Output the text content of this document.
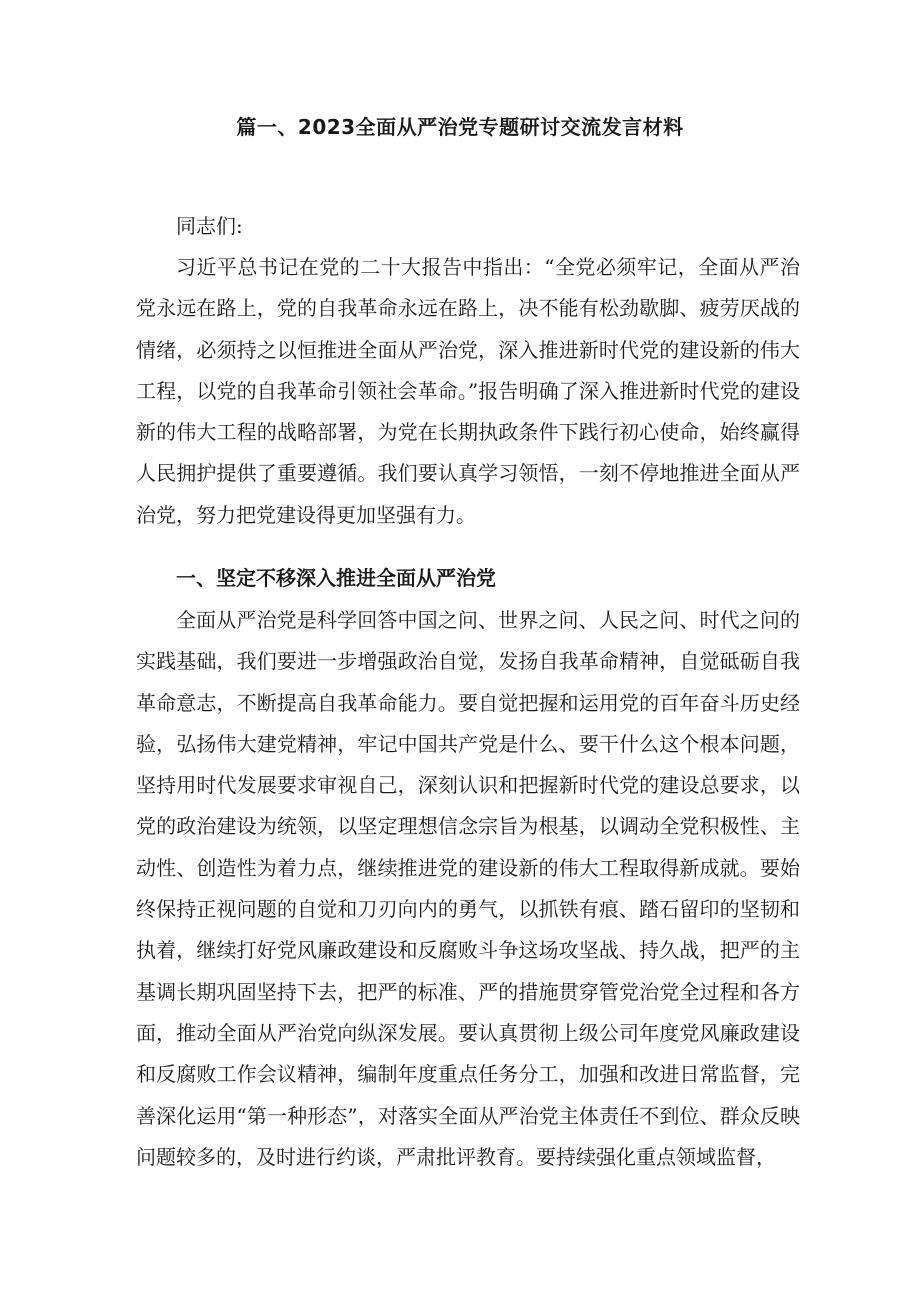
篇一、2023全面从严治党专题研讨交流发言材料

同志们:

习近平总书记在党的二十大报告中指出：“全党必须牢记，全面从严治党永远在路上，党的自我革命永远在路上，决不能有松劲歇脚、疲劳厌战的情绪，必须持之以恒推进全面从严治党，深入推进新时代党的建设新的伟大工程，以党的自我革命引领社会革命。”报告明确了深入推进新时代党的建设新的伟大工程的战略部署，为党在长期执政条件下践行初心使命，始终赢得人民拥护提供了重要遵循。我们要认真学习领悟，一刻不停地推进全面从严治党，努力把党建设得更加坚强有力。

一、坚定不移深入推进全面从严治党

全面从严治党是科学回答中国之问、世界之问、人民之问、时代之问的实践基础，我们要进一步增强政治自觉，发扬自我革命精神，自觉砥砺自我革命意志，不断提高自我革命能力。要自觉把握和运用党的百年奋斗历史经验，弘扬伟大建党精神，牢记中国共产党是什么、要干什么这个根本问题，坚持用时代发展要求审视自己，深刻认识和把握新时代党的建设总要求，以党的政治建设为统领，以坚定理想信念宗旨为根基，以调动全党积极性、主动性、创造性为着力点，继续推进党的建设新的伟大工程取得新成就。要始终保持正视问题的自觉和刀刃向内的勇气，以抓铁有痕、踏石留印的坚韧和执着，继续打好党风廉政建设和反腐败斗争这场攻坚战、持久战，把严的主基调长期巩固坚持下去，把严的标准、严的措施贯穿管党治党全过程和各方面，推动全面从严治党向纵深发展。要认真贯彻上级公司年度党风廉政建设和反腐败工作会议精神，编制年度重点任务分工，加强和改进日常监督，完善深化运用“第一种形态”，对落实全面从严治党主体责任不到位、群众反映问题较多的，及时进行约谈，严肃批评教育。要持续强化重点领域监督，
